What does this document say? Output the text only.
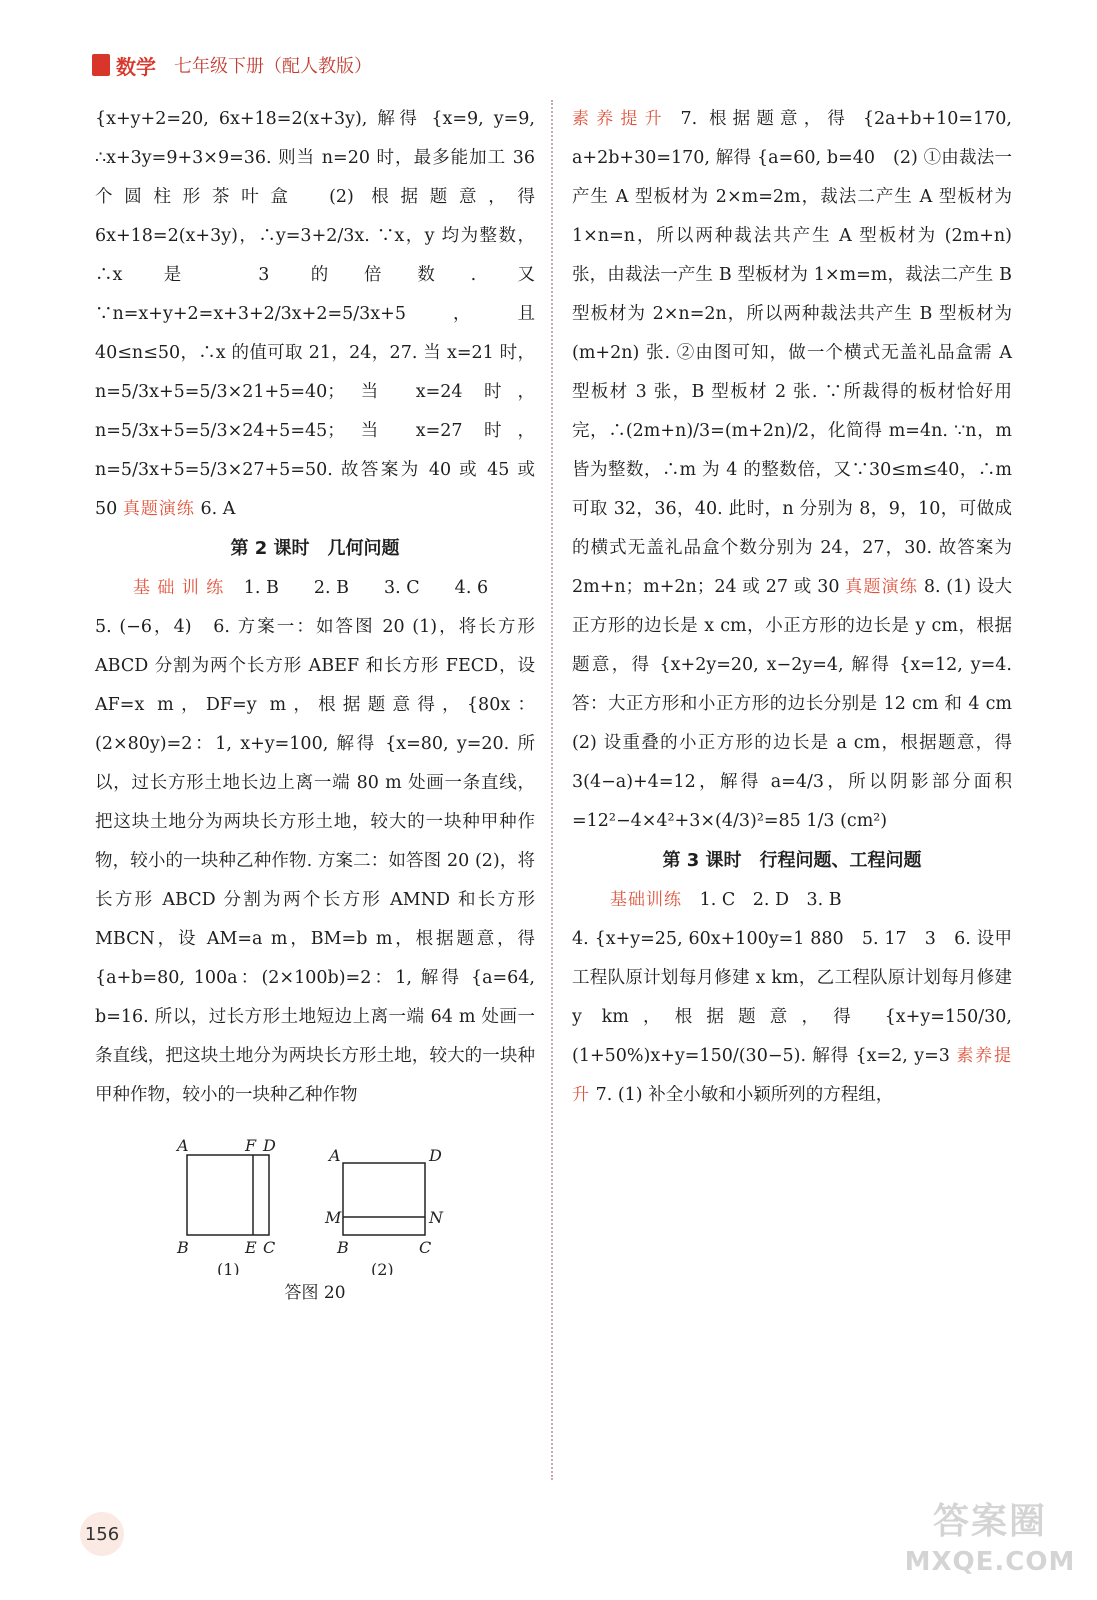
数学 七年级下册（配人教版）

{x+y+2=20, 6x+18=2(x+3y), 解得 {x=9, y=9, ∴x+3y=9+3×9=36. 则当 n=20 时，最多能加工 36 个圆柱形茶叶盒　(2) 根据题意，得 6x+18=2(x+3y)，∴y=3+2/3x. ∵x，y 均为整数，∴x 是 3 的倍数. 又∵n=x+y+2=x+3+2/3x+2=5/3x+5，且 40≤n≤50，∴x 的值可取 21，24，27. 当 x=21 时，n=5/3x+5=5/3×21+5=40；当 x=24 时，n=5/3x+5=5/3×24+5=45；当 x=27 时，n=5/3x+5=5/3×27+5=50. 故答案为 40 或 45 或 50 真题演练 6. A

第 2 课时　几何问题

基 础 训 练 1. B　　2. B　　3. C　　4. 6

5. (−6，4)　6. 方案一：如答图 20 (1)，将长方形 ABCD 分割为两个长方形 ABEF 和长方形 FECD，设 AF=x m，DF=y m，根据题意得，{80x：(2×80y)=2：1, x+y=100, 解得 {x=80, y=20. 所以，过长方形土地长边上离一端 80 m 处画一条直线，把这块土地分为两块长方形土地，较大的一块种甲种作物，较小的一块种乙种作物. 方案二：如答图 20 (2)，将长方形 ABCD 分割为两个长方形 AMND 和长方形 MBCN，设 AM=a m，BM=b m，根据题意，得 {a+b=80, 100a：(2×100b)=2：1, 解得 {a=64, b=16. 所以，过长方形土地短边上离一端 64 m 处画一条直线，把这块土地分为两块长方形土地，较大的一块种甲种作物，较小的一块种乙种作物

A	F D
B	E C
(1)
A	D
M	N
B	C
(2)
答图 20

素养提升 7. 根据题意，得 {2a+b+10=170, a+2b+30=170, 解得 {a=60, b=40　(2) ①由裁法一产生 A 型板材为 2×m=2m，裁法二产生 A 型板材为 1×n=n，所以两种裁法共产生 A 型板材为 (2m+n) 张，由裁法一产生 B 型板材为 1×m=m，裁法二产生 B 型板材为 2×n=2n，所以两种裁法共产生 B 型板材为 (m+2n) 张. ②由图可知，做一个横式无盖礼品盒需 A 型板材 3 张，B 型板材 2 张. ∵所裁得的板材恰好用完，∴(2m+n)/3=(m+2n)/2，化简得 m=4n. ∵n，m 皆为整数，∴m 为 4 的整数倍，又∵30≤m≤40，∴m 可取 32，36，40. 此时，n 分别为 8，9，10，可做成的横式无盖礼品盒个数分别为 24，27，30. 故答案为 2m+n；m+2n；24 或 27 或 30 真题演练 8. (1) 设大正方形的边长是 x cm，小正方形的边长是 y cm，根据题意，得 {x+2y=20, x−2y=4, 解得 {x=12, y=4. 答：大正方形和小正方形的边长分别是 12 cm 和 4 cm　(2) 设重叠的小正方形的边长是 a cm，根据题意，得 3(4−a)+4=12，解得 a=4/3，所以阴影部分面积=12²−4×4²+3×(4/3)²=85 1/3 (cm²)

第 3 课时　行程问题、工程问题

基础训练 1. C　2. D　3. B

4. {x+y=25, 60x+100y=1 880　5. 17　3　6. 设甲工程队原计划每月修建 x km，乙工程队原计划每月修建 y km，根据题意，得 {x+y=150/30, (1+50%)x+y=150/(30−5). 解得 {x=2, y=3 素养提升 7. (1) 补全小敏和小颖所列的方程组，

156	答案圈
MXQE.COM
